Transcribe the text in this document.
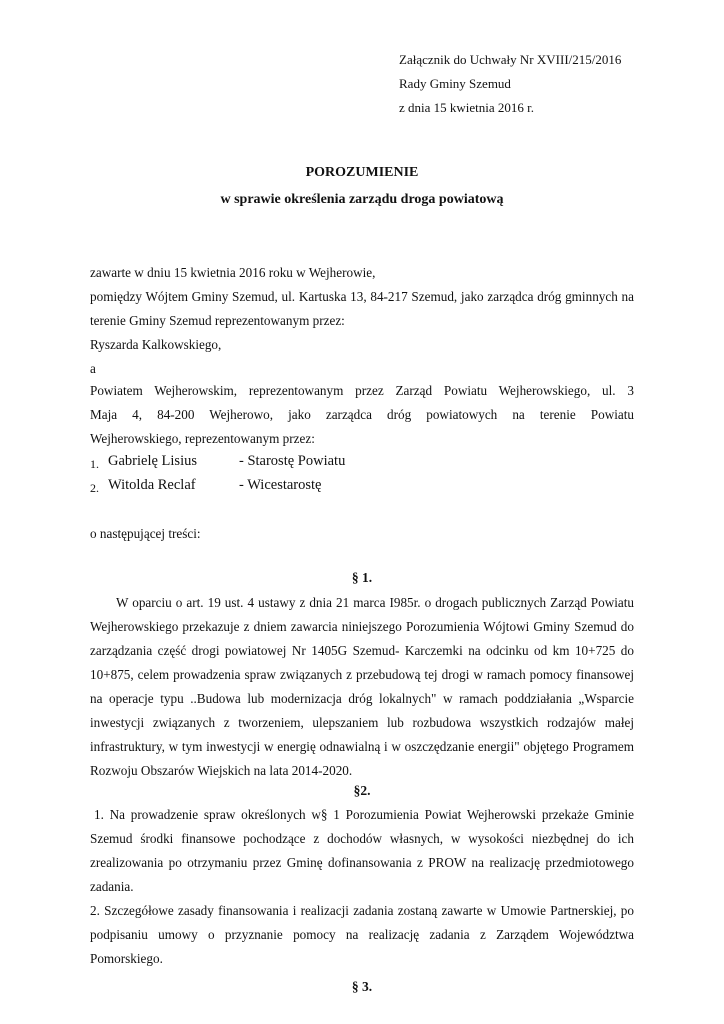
Załącznik do Uchwały Nr XVIII/215/2016
Rady Gminy Szemud
z dnia 15 kwietnia 2016 r.
POROZUMIENIE
w sprawie określenia zarządu droga powiatową
zawarte w dniu 15 kwietnia 2016 roku w Wejherowie,
pomiędzy Wójtem Gminy Szemud, ul. Kartuska 13, 84-217 Szemud, jako zarządca dróg gminnych na
terenie Gminy Szemud reprezentowanym przez:
Ryszarda Kalkowskiego,
a
Powiatem Wejherowskim, reprezentowanym przez Zarząd Powiatu Wejherowskiego, ul. 3
Maja 4, 84-200 Wejherowo, jako zarządca dróg powiatowych na terenie Powiatu
Wejherowskiego, reprezentowanym przez:
1. Gabrielę Lisius	- Starostę Powiatu
2. Witolda Reclaf	- Wicestarostę
o następującej treści:
§ 1.
W oparciu o art. 19 ust. 4 ustawy z dnia 21 marca I985r. o drogach publicznych Zarząd Powiatu
Wejherowskiego przekazuje z dniem zawarcia niniejszego Porozumienia Wójtowi Gminy Szemud do
zarządzania część drogi powiatowej Nr 1405G Szemud- Karczemki na odcinku od km 10+725 do
10+875, celem prowadzenia spraw związanych z przebudową tej drogi w ramach pomocy finansowej
na operacje typu ..Budowa lub modernizacja dróg lokalnych" w ramach poddziałania „Wsparcie
inwestycji związanych z tworzeniem, ulepszaniem lub rozbudowa wszystkich rodzajów małej
infrastruktury, w tym inwestycji w energię odnawialną i w oszczędzanie energii" objętego Programem
Rozwoju Obszarów Wiejskich na lata 2014-2020.
§2.
1. Na prowadzenie spraw określonych w§ 1 Porozumienia Powiat Wejherowski przekaże Gminie
Szemud środki finansowe pochodzące z dochodów własnych, w wysokości niezbędnej do ich
zrealizowania po otrzymaniu przez Gminę dofinansowania z PROW na realizację przedmiotowego
zadania.
2. Szczegółowe zasady finansowania i realizacji zadania zostaną zawarte w Umowie Partnerskiej, po
podpisaniu umowy o przyznanie pomocy na realizację zadania z Zarządem Województwa
Pomorskiego.
§ 3.
